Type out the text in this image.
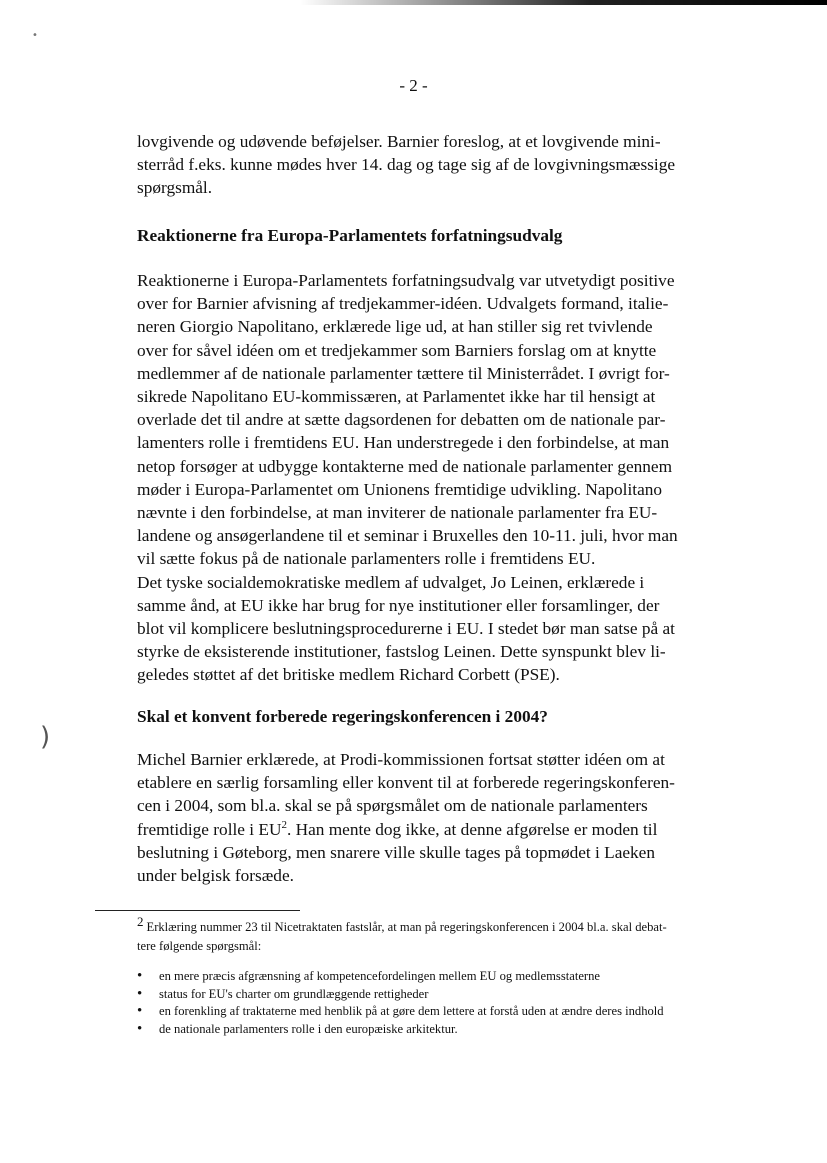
•
)
- 2 -
lovgivende og udøvende beføjelser. Barnier foreslog, at et lovgivende mini-
sterråd f.eks. kunne mødes hver 14. dag og tage sig af de lovgivningsmæssige
spørgsmål.
Reaktionerne fra Europa-Parlamentets forfatningsudvalg
Reaktionerne i Europa-Parlamentets forfatningsudvalg var utvetydigt positive
over for Barnier afvisning af tredjekammer-idéen. Udvalgets formand, italie-
neren Giorgio Napolitano, erklærede lige ud, at han stiller sig ret tvivlende
over for såvel idéen om et tredjekammer som Barniers forslag om at knytte
medlemmer af de nationale parlamenter tættere til Ministerrådet. I øvrigt for-
sikrede Napolitano EU-kommissæren, at Parlamentet ikke har til hensigt at
overlade det til andre at sætte dagsordenen for debatten om de nationale par-
lamenters rolle i fremtidens EU. Han understregede i den forbindelse, at man
netop forsøger at udbygge kontakterne med de nationale parlamenter gennem
møder i Europa-Parlamentet om Unionens fremtidige udvikling. Napolitano
nævnte i den forbindelse, at man inviterer de nationale parlamenter fra EU-
landene og ansøgerlandene til et seminar i Bruxelles den 10-11. juli, hvor man
vil sætte fokus på de nationale parlamenters rolle i fremtidens EU.
Det tyske socialdemokratiske medlem af udvalget, Jo Leinen, erklærede i
samme ånd, at EU ikke har brug for nye institutioner eller forsamlinger, der
blot vil komplicere beslutningsprocedurerne i EU. I stedet bør man satse på at
styrke de eksisterende institutioner, fastslog Leinen. Dette synspunkt blev li-
geledes støttet af det britiske medlem Richard Corbett (PSE).
Skal et konvent forberede regeringskonferencen i 2004?
Michel Barnier erklærede, at Prodi-kommissionen fortsat støtter idéen om at
etablere en særlig forsamling eller konvent til at forberede regeringskonferen-
cen i 2004, som bl.a. skal se på spørgsmålet om de nationale parlamenters
fremtidige rolle i $EU^2$. Han mente dog ikke, at denne afgørelse er moden til
beslutning i Gøteborg, men snarere ville skulle tages på topmødet i Laeken
under belgisk forsæde.
2 Erklæring nummer 23 til Nicetraktaten fastslår, at man på regeringskonferencen i 2004 bl.a. skal debat-
tere følgende spørgsmål:
• en mere præcis afgrænsning af kompetencefordelingen mellem EU og medlemsstaterne
• status for EU's charter om grundlæggende rettigheder
• en forenkling af traktaterne med henblik på at gøre dem lettere at forstå uden at ændre deres indhold
• de nationale parlamenters rolle i den europæiske arkitektur.
